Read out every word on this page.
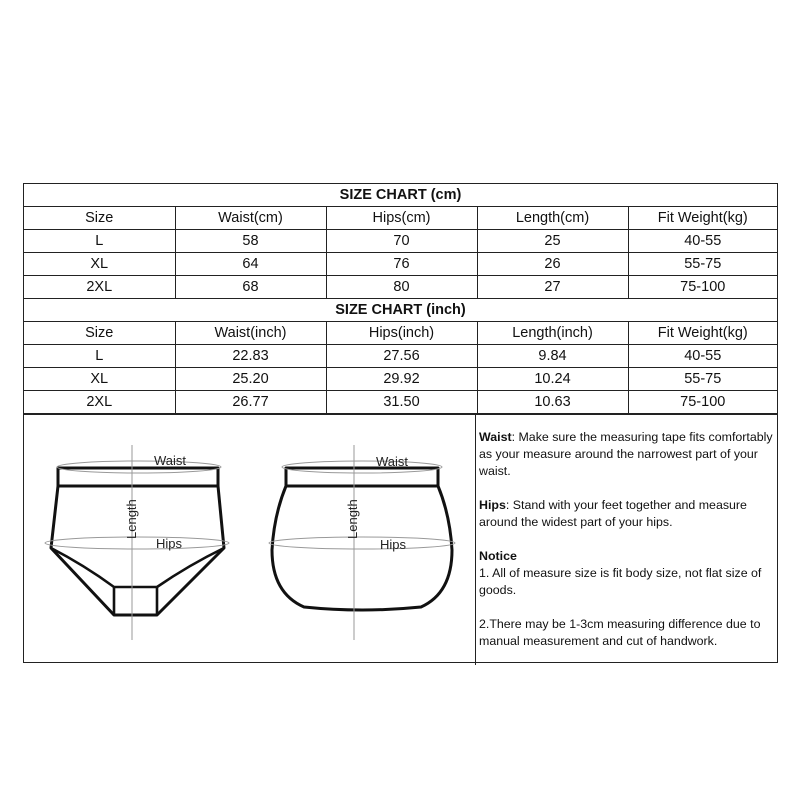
SIZE CHART (cm)				
Size	Waist(cm)	Hips(cm)	Length(cm)	Fit Weight(kg)
L	58	70	25	40-55
XL	64	76	26	55-75
2XL	68	80	27	75-100
SIZE CHART (inch)				
Size	Waist(inch)	Hips(inch)	Length(inch)	Fit Weight(kg)
L	22.83	27.56	9.84	40-55
XL	25.20	29.92	10.24	55-75
2XL	26.77	31.50	10.63	75-100
Waist	Waist
Length	Length
Hips	Hips

Waist: Make sure the measuring tape fits comfortably as your measure around the narrowest part of your waist.

Hips: Stand with your feet together and measure around the widest part of your hips.

Notice
1. All of measure size is fit body size, not flat size of goods.

2.There may be 1-3cm measuring difference due to manual measurement and cut of handwork.
